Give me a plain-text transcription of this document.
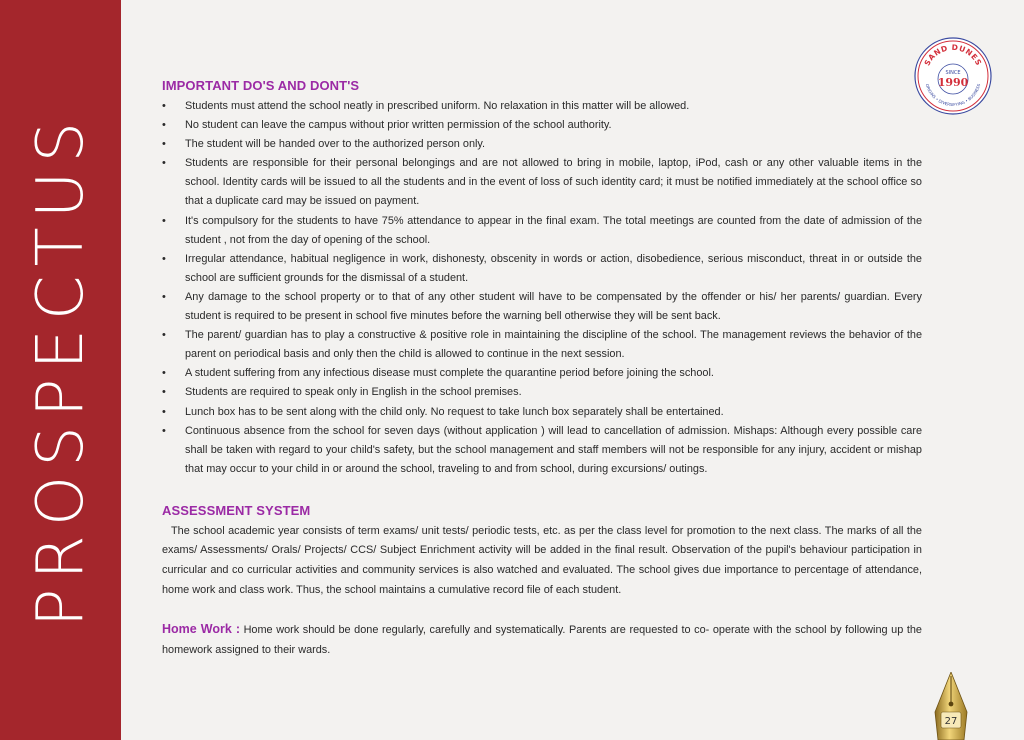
PROSPECTUS
SAND DUNES
ORIGINS • DIVERSIFYING • BUSINESS
SINCE
1990
IMPORTANT DO'S AND DONT'S
• Students must attend the school neatly in prescribed uniform. No relaxation in this matter will be allowed.
• No student can leave the campus without prior written permission of the school authority.
• The student will be handed over to the authorized person only.
• Students are responsible for their personal belongings and are not allowed to bring in mobile, laptop, iPod, cash or any other valuable items in the school. Identity cards will be issued to all the students and in the event of loss of such identity card; it must be notified immediately at the school office so that a duplicate card may be issued on payment.
• It's compulsory for the students to have 75% attendance to appear in the final exam. The total meetings are counted from the date of admission of the student , not from the day of opening of the school.
• Irregular attendance, habitual negligence in work, dishonesty, obscenity in words or action, disobedience, serious misconduct, threat in or outside the school are sufficient grounds for the dismissal of a student.
• Any damage to the school property or to that of any other student will have to be compensated by the offender or his/ her parents/ guardian. Every student is required to be present in school five minutes before the warning bell otherwise they will be sent back.
• The parent/ guardian has to play a constructive & positive role in maintaining the discipline of the school. The management reviews the behavior of the parent on periodical basis and only then the child is allowed to continue in the next session.
• A student suffering from any infectious disease must complete the quarantine period before joining the school.
• Students are required to speak only in English in the school premises.
• Lunch box has to be sent along with the child only. No request to take lunch box separately shall be entertained.
• Continuous absence from the school for seven days (without application ) will lead to cancellation of admission. Mishaps: Although every possible care shall be taken with regard to your child's safety, but the school management and staff members will not be responsible for any injury, accident or mishap that may occur to your child in or around the school, traveling to and from school, during excursions/ outings.
ASSESSMENT SYSTEM

The school academic year consists of term exams/ unit tests/ periodic tests, etc. as per the class level for promotion to the next class. The marks of all the exams/ Assessments/ Orals/ Projects/ CCS/ Subject Enrichment activity will be added in the final result. Observation of the pupil's behaviour participation in curricular and co curricular activities and community services is also watched and evaluated. The school gives due importance to percentage of attendance, home work and class work. Thus, the school maintains a cumulative record file of each student.

Home Work : Home work should be done regularly, carefully and systematically. Parents are requested to co- operate with the school by following up the homework assigned to their wards.

27
